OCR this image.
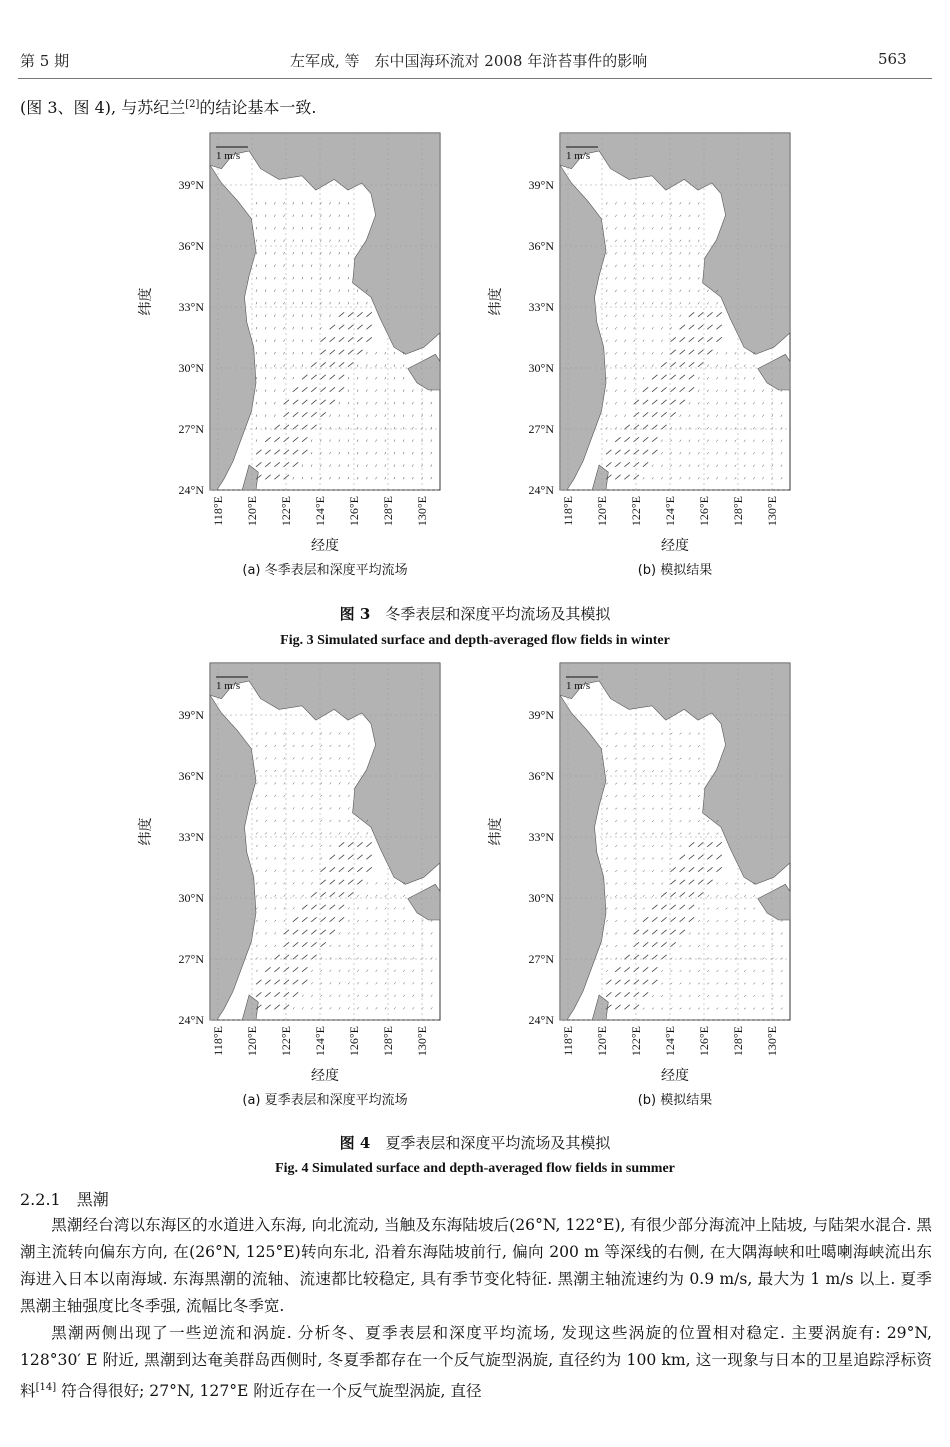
第 5 期	左军成, 等　东中国海环流对 2008 年浒苔事件的影响	563
(图 3、图 4), 与苏纪兰[2]的结论基本一致.
39°N
36°N
33°N
30°N
27°N
24°N
118°E 120°E 122°E 124°E 126°E 128°E 130°E
1 m/s
纬度
经度
(a) 冬季表层和深度平均流场
39°N
36°N
33°N
30°N
27°N
24°N
118°E 120°E 122°E 124°E 126°E 128°E 130°E
1 m/s
纬度
经度
(b) 模拟结果
图 3　 冬季表层和深度平均流场及其模拟
Fig. 3 Simulated surface and depth-averaged flow fields in winter
39°N
36°N
33°N
30°N
27°N
24°N
118°E 120°E 122°E 124°E 126°E 128°E 130°E
1 m/s
纬度
经度
(a) 夏季表层和深度平均流场
39°N
36°N
33°N
30°N
27°N
24°N
118°E 120°E 122°E 124°E 126°E 128°E 130°E
1 m/s
纬度
经度
(b) 模拟结果
图 4　 夏季表层和深度平均流场及其模拟
Fig. 4 Simulated surface and depth-averaged flow fields in summer
2.2.1　 黑潮

黑潮经台湾以东海区的水道进入东海, 向北流动, 当触及东海陆坡后(26°N, 122°E), 有很少部分海流冲上陆坡, 与陆架水混合. 黑潮主流转向偏东方向, 在(26°N, 125°E)转向东北, 沿着东海陆坡前行, 偏向 200 m 等深线的右侧, 在大隅海峡和吐噶喇海峡流出东海进入日本以南海域. 东海黑潮的流轴、流速都比较稳定, 具有季节变化特征. 黑潮主轴流速约为 0.9 m/s, 最大为 1 m/s 以上. 夏季黑潮主轴强度比冬季强, 流幅比冬季宽.

黑潮两侧出现了一些逆流和涡旋. 分析冬、夏季表层和深度平均流场, 发现这些涡旋的位置相对稳定. 主要涡旋有: 29°N, 128°30′ E 附近, 黑潮到达奄美群岛西侧时, 冬夏季都存在一个反气旋型涡旋, 直径约为 100 km, 这一现象与日本的卫星追踪浮标资料[14] 符合得很好; 27°N, 127°E 附近存在一个反气旋型涡旋, 直径
